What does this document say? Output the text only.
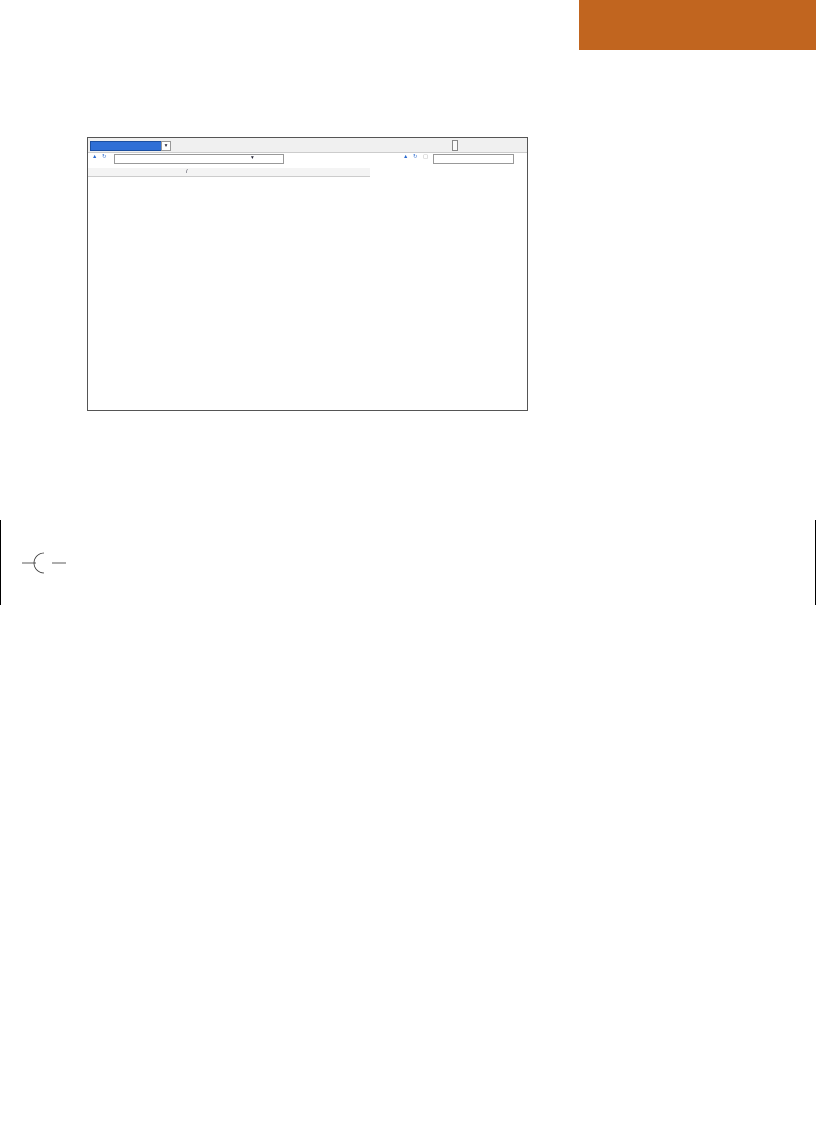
▾
▲ ↻	▾	▲ ↻ ▢
/
